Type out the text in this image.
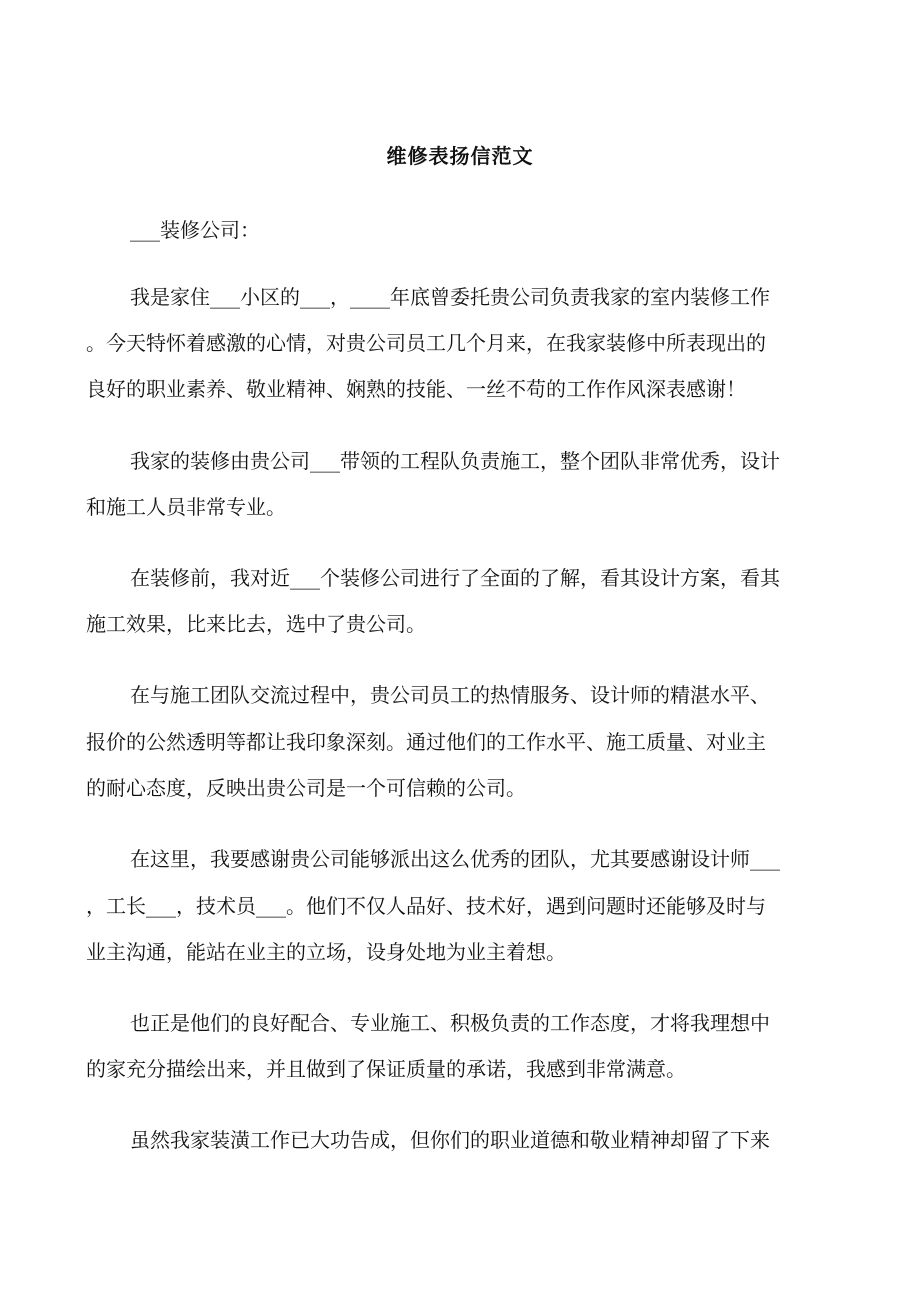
维修表扬信范文
___装修公司：
我是家住___小区的___，____年底曾委托贵公司负责我家的室内装修工作
。今天特怀着感激的心情，对贵公司员工几个月来，在我家装修中所表现出的
良好的职业素养、敬业精神、娴熟的技能、一丝不苟的工作作风深表感谢！
我家的装修由贵公司___带领的工程队负责施工，整个团队非常优秀，设计
和施工人员非常专业。
在装修前，我对近___个装修公司进行了全面的了解，看其设计方案，看其
施工效果，比来比去，选中了贵公司。
在与施工团队交流过程中，贵公司员工的热情服务、设计师的精湛水平、
报价的公然透明等都让我印象深刻。通过他们的工作水平、施工质量、对业主
的耐心态度，反映出贵公司是一个可信赖的公司。
在这里，我要感谢贵公司能够派出这么优秀的团队，尤其要感谢设计师___
，工长___，技术员___。他们不仅人品好、技术好，遇到问题时还能够及时与
业主沟通，能站在业主的立场，设身处地为业主着想。
也正是他们的良好配合、专业施工、积极负责的工作态度，才将我理想中
的家充分描绘出来，并且做到了保证质量的承诺，我感到非常满意。
虽然我家装潢工作已大功告成，但你们的职业道德和敬业精神却留了下来
